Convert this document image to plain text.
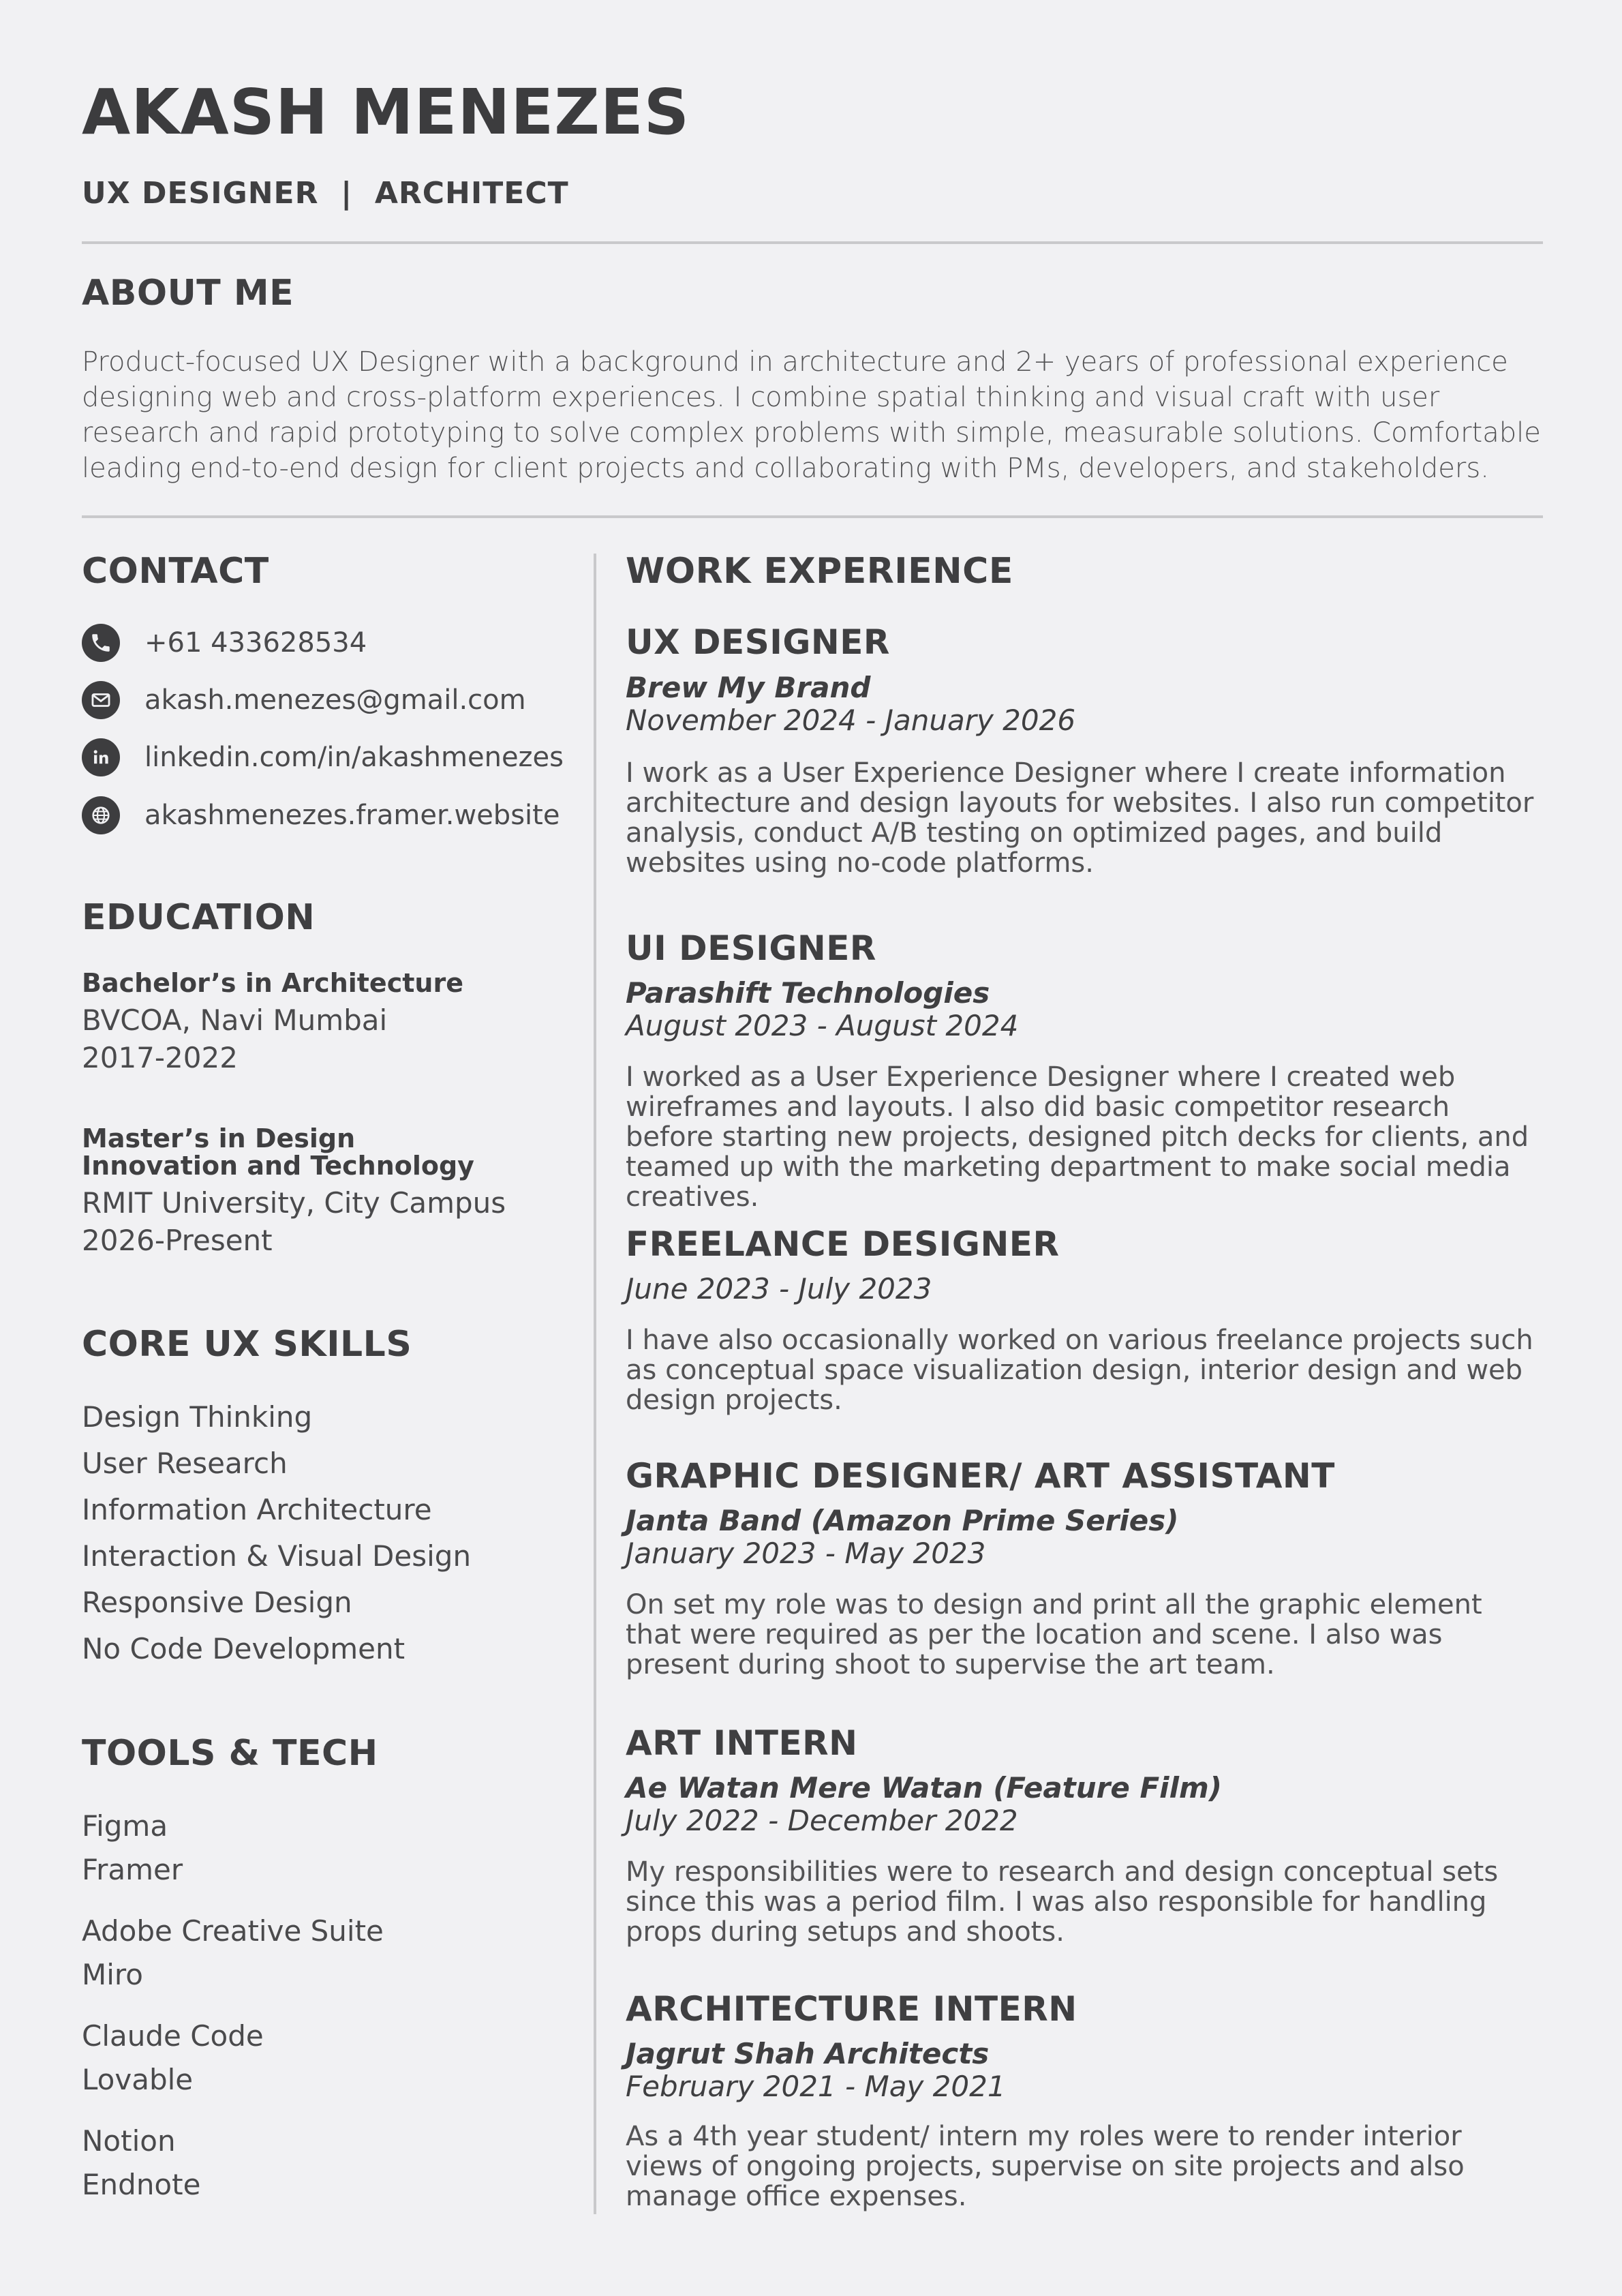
AKASH MENEZES
UX DESIGNER  |  ARCHITECT
ABOUT ME
Product-focused UX Designer with a background in architecture and 2+ years of professional experience designing web and cross-platform experiences. I combine spatial thinking and visual craft with user research and rapid prototyping to solve complex problems with simple, measurable solutions. Comfortable leading end-to-end design for client projects and collaborating with PMs, developers, and stakeholders.
CONTACT
+61 433628534
akash.menezes@gmail.com
linkedin.com/in/akashmenezes
akashmenezes.framer.website
EDUCATION
Bachelor’s in Architecture
BVCOA, Navi Mumbai
2017-2022
Master’s in Design
Innovation and Technology
RMIT University, City Campus
2026-Present
CORE UX SKILLS
Design Thinking
User Research
Information Architecture
Interaction & Visual Design
Responsive Design
No Code Development
TOOLS & TECH
Figma
Framer
Adobe Creative Suite
Miro
Claude Code
Lovable
Notion
Endnote
WORK EXPERIENCE
UX DESIGNER
Brew My Brand
November 2024 - January 2026
I work as a User Experience Designer where I create information architecture and design layouts for websites. I also run competitor analysis, conduct A/B testing on optimized pages, and build websites using no-code platforms.
UI DESIGNER
Parashift Technologies
August 2023 - August 2024
I worked as a User Experience Designer where I created web wireframes and layouts. I also did basic competitor research before starting new projects, designed pitch decks for clients, and teamed up with the marketing department to make social media creatives.
FREELANCE DESIGNER
June 2023 - July 2023
I have also occasionally worked on various freelance projects such as conceptual space visualization design, interior design and web design projects.
GRAPHIC DESIGNER/ ART ASSISTANT
Janta Band (Amazon Prime Series)
January 2023 - May 2023
On set my role was to design and print all the graphic element that were required as per the location and scene. I also was present during shoot to supervise the art team.
ART INTERN
Ae Watan Mere Watan (Feature Film)
July 2022 - December 2022
My responsibilities were to research and design conceptual sets since this was a period film. I was also responsible for handling props during setups and shoots.
ARCHITECTURE INTERN
Jagrut Shah Architects
February 2021 - May 2021
As a 4th year student/ intern my roles were to render interior views of ongoing projects, supervise on site projects and also manage office expenses.
